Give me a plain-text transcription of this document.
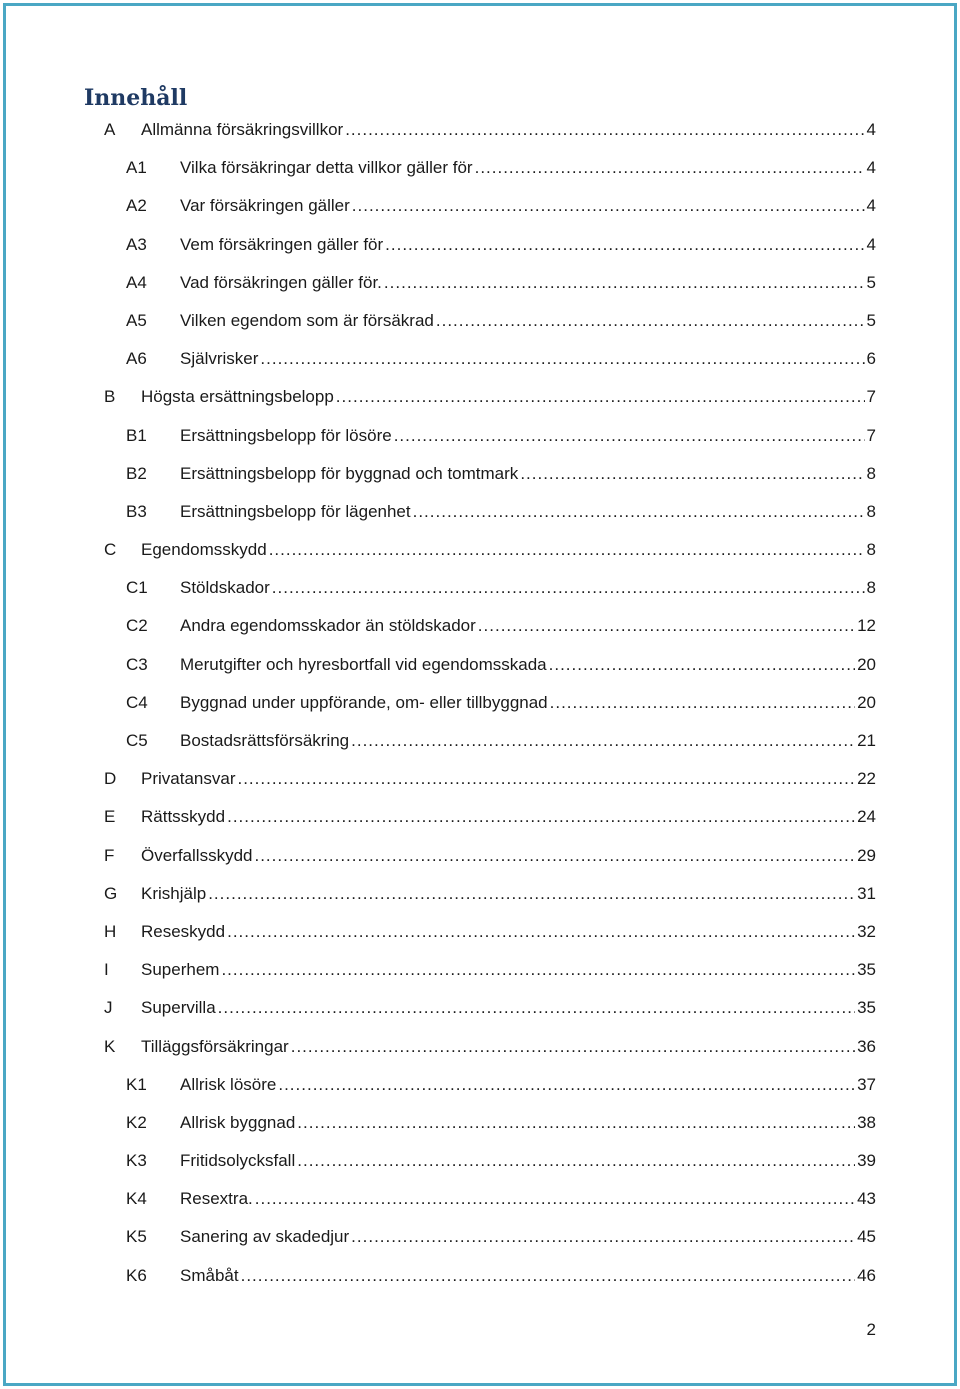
Innehåll
A Allmänna försäkringsvillkor .....	4
A1 Vilka försäkringar detta villkor gäller för .....	4
A2 Var försäkringen gäller .....	4
A3 Vem försäkringen gäller för .....	4
A4 Vad försäkringen gäller för. .....	5
A5 Vilken egendom som är försäkrad .....	5
A6 Självrisker .....	6
B Högsta ersättningsbelopp .....	7
B1 Ersättningsbelopp för lösöre .....	7
B2 Ersättningsbelopp för byggnad och tomtmark .....	8
B3 Ersättningsbelopp för lägenhet .....	8
C Egendomsskydd .....	8
C1 Stöldskador .....	8
C2 Andra egendomsskador än stöldskador .....	12
C3 Merutgifter och hyresbortfall vid egendomsskada .....	20
C4 Byggnad under uppförande, om- eller tillbyggnad .....	20
C5 Bostadsrättsförsäkring .....	21
D Privatansvar .....	22
E Rättsskydd .....	24
F Överfallsskydd .....	29
G Krishjälp .....	31
H Reseskydd .....	32
I Superhem .....	35
J Supervilla .....	35
K Tilläggsförsäkringar .....	36
K1 Allrisk lösöre .....	37
K2 Allrisk byggnad .....	38
K3 Fritidsolycksfall .....	39
K4 Resextra. .....	43
K5 Sanering av skadedjur .....	45
K6 Småbåt .....	46
2
